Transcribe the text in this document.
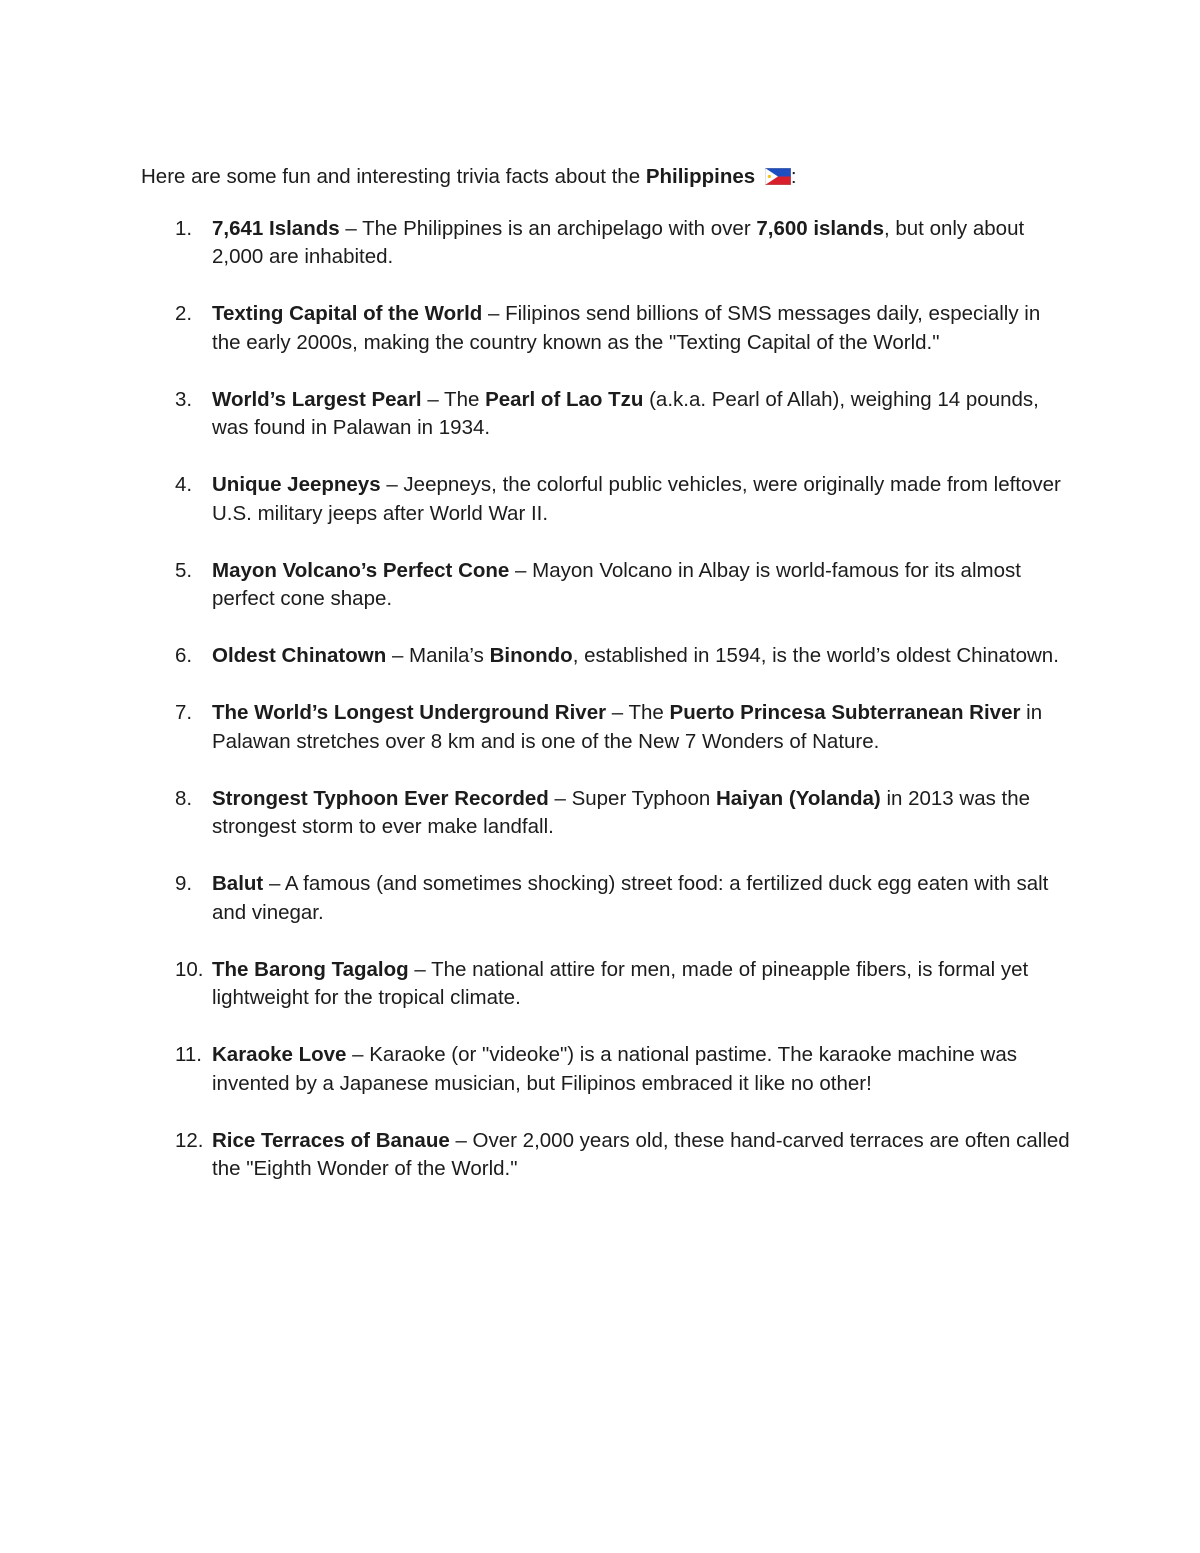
Here are some fun and interesting trivia facts about the Philippines :

1. 7,641 Islands – The Philippines is an archipelago with over 7,600 islands, but only about 2,000 are inhabited.
2. Texting Capital of the World – Filipinos send billions of SMS messages daily, especially in the early 2000s, making the country known as the "Texting Capital of the World."
3. World’s Largest Pearl – The Pearl of Lao Tzu (a.k.a. Pearl of Allah), weighing 14 pounds, was found in Palawan in 1934.
4. Unique Jeepneys – Jeepneys, the colorful public vehicles, were originally made from leftover U.S. military jeeps after World War II.
5. Mayon Volcano’s Perfect Cone – Mayon Volcano in Albay is world-famous for its almost perfect cone shape.
6. Oldest Chinatown – Manila’s Binondo, established in 1594, is the world’s oldest Chinatown.
7. The World’s Longest Underground River – The Puerto Princesa Subterranean River in Palawan stretches over 8 km and is one of the New 7 Wonders of Nature.
8. Strongest Typhoon Ever Recorded – Super Typhoon Haiyan (Yolanda) in 2013 was the strongest storm to ever make landfall.
9. Balut – A famous (and sometimes shocking) street food: a fertilized duck egg eaten with salt and vinegar.
10. The Barong Tagalog – The national attire for men, made of pineapple fibers, is formal yet lightweight for the tropical climate.
11. Karaoke Love – Karaoke (or "videoke") is a national pastime. The karaoke machine was invented by a Japanese musician, but Filipinos embraced it like no other!
12. Rice Terraces of Banaue – Over 2,000 years old, these hand-carved terraces are often called the "Eighth Wonder of the World."
